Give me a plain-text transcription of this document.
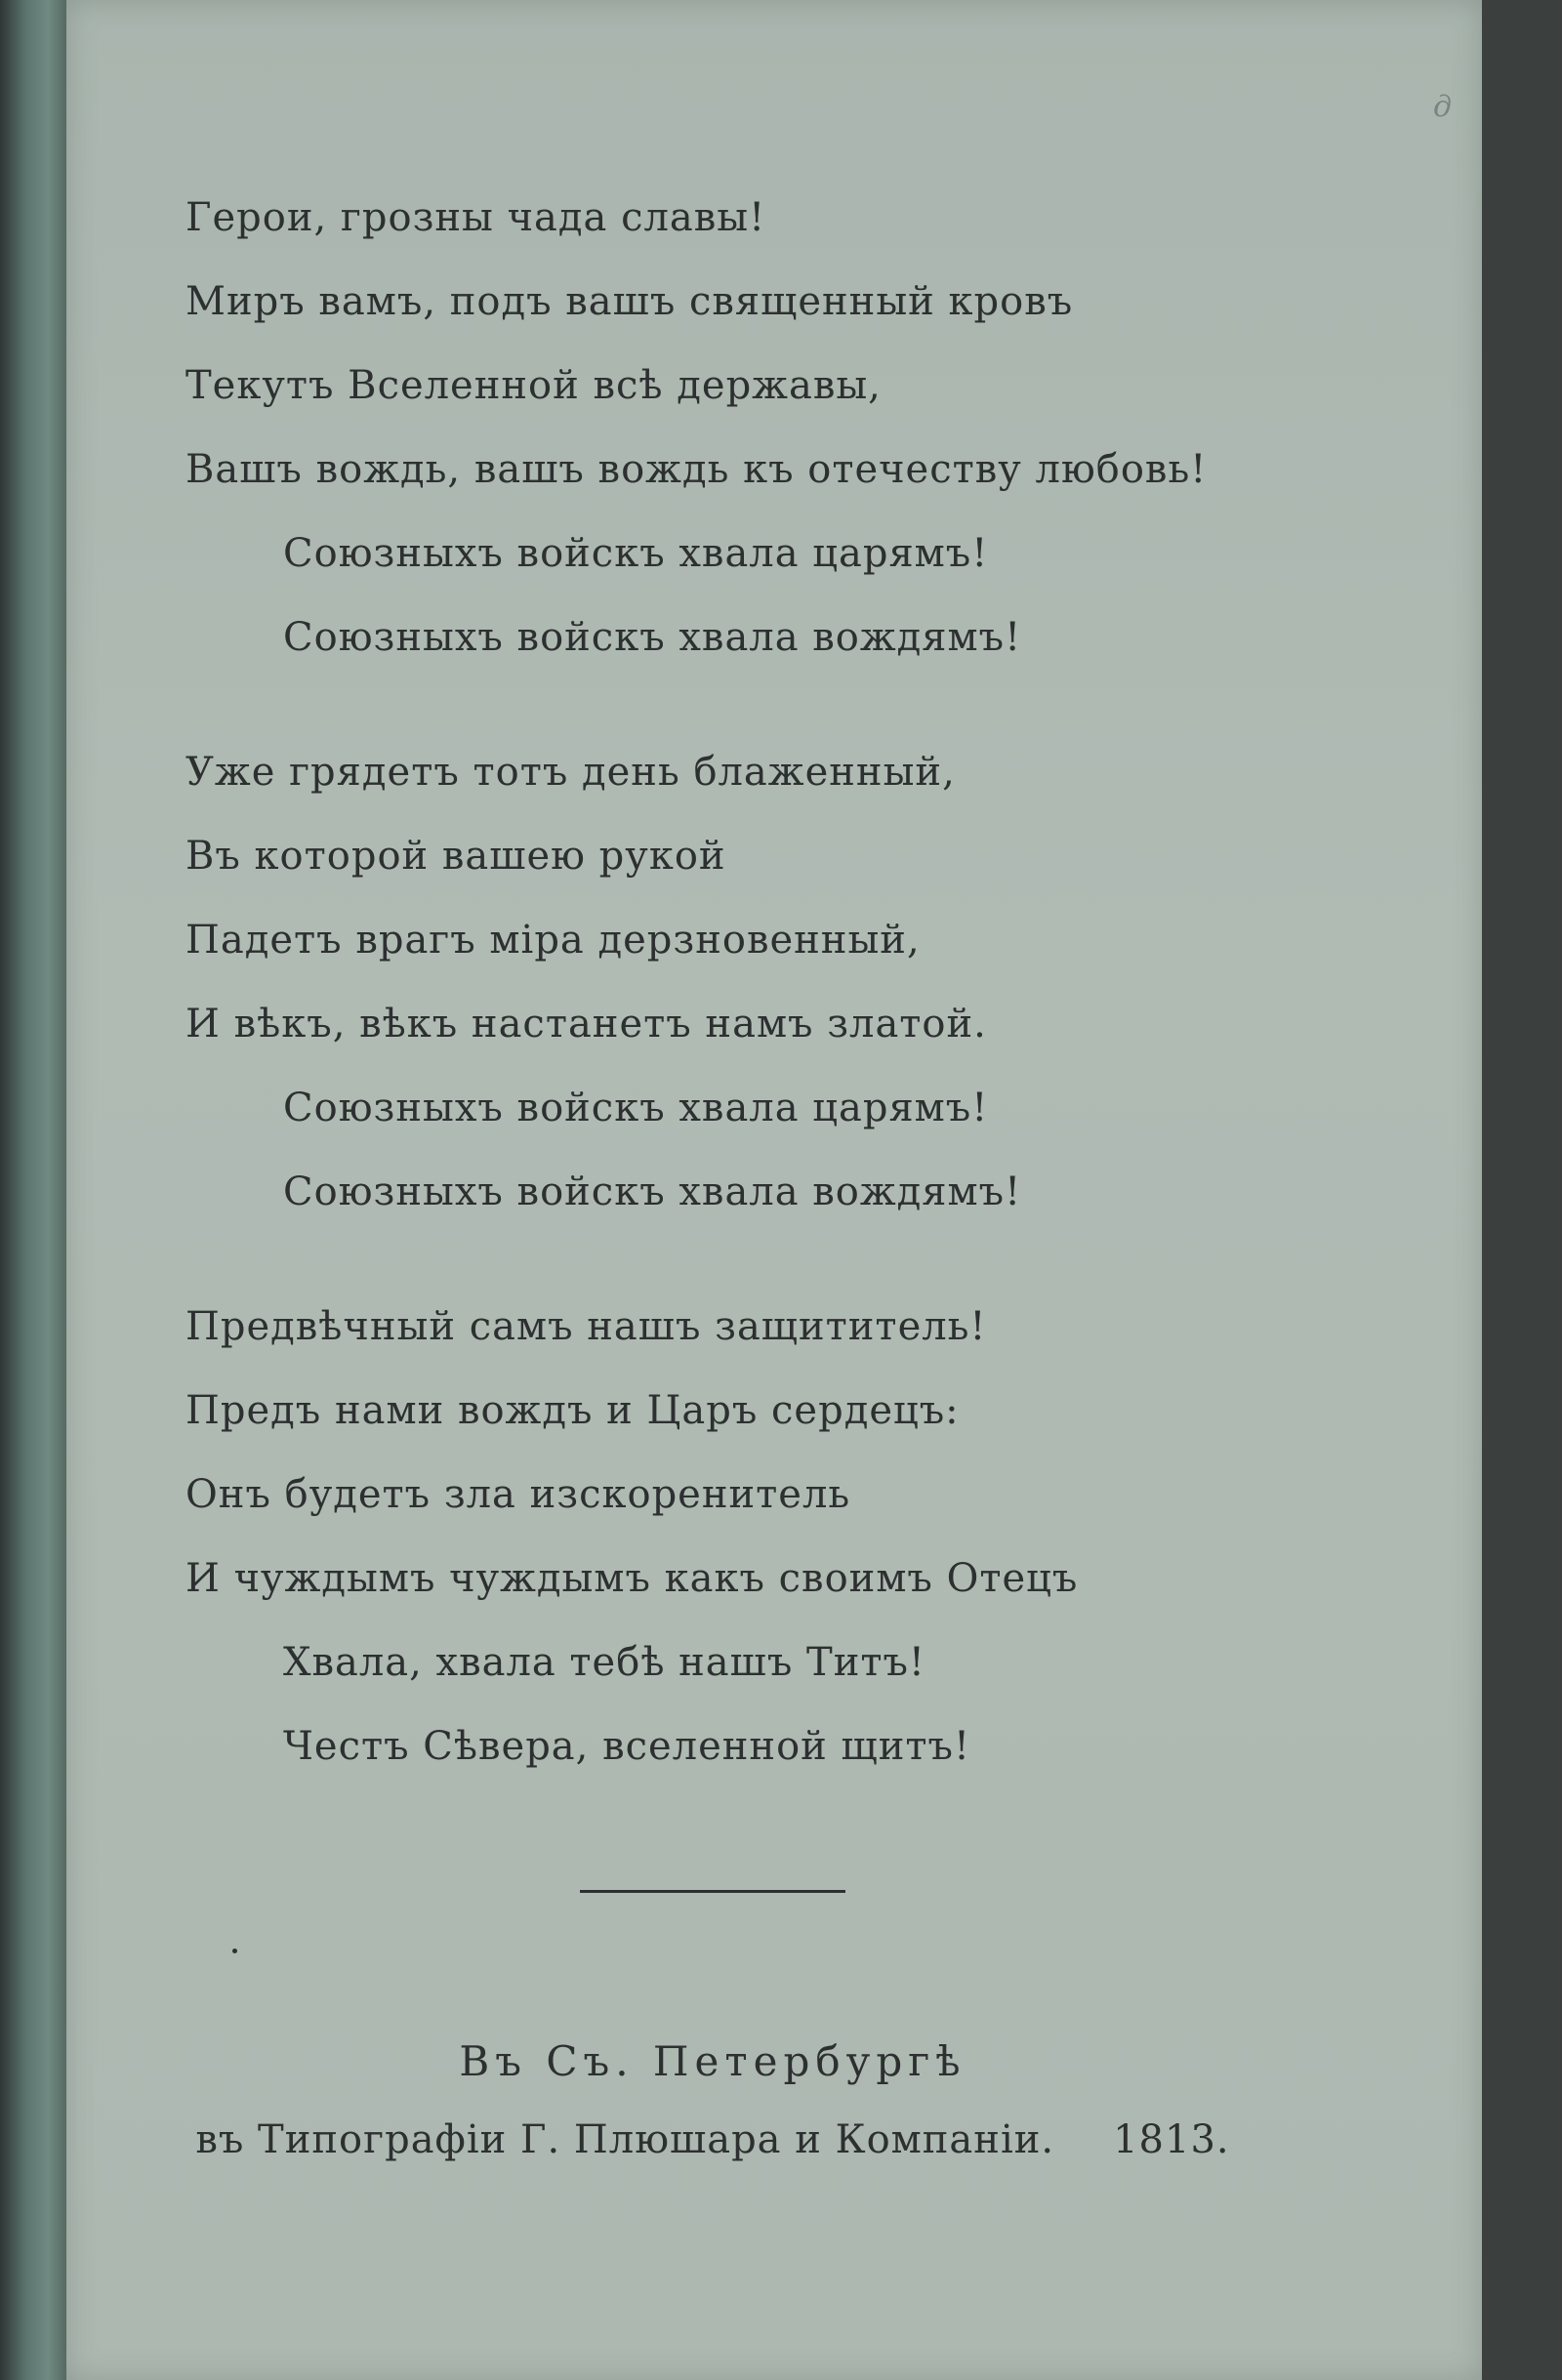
д
Герои, грозны чада славы!
Миръ вамъ, подъ вашъ священный кровъ
Текутъ Вселенной всѣ державы,
Вашъ вождь, вашъ вождь къ отечеству любовь!
Союзныхъ войскъ хвала царямъ!
Союзныхъ войскъ хвала вождямъ!
Уже грядетъ тотъ день блаженный,
Въ которой вашею рукой
Падетъ врагъ міра дерзновенный,
И вѣкъ, вѣкъ настанетъ намъ златой.
Союзныхъ войскъ хвала царямъ!
Союзныхъ войскъ хвала вождямъ!
Предвѣчный самъ нашъ защититель!
Предъ нами вождъ и Царъ сердецъ:
Онъ будетъ зла изскоренитель
И чуждымъ чуждымъ какъ своимъ Отецъ
Хвала, хвала тебѣ нашъ Титъ!
Честъ Сѣвера, вселенной щитъ!
Въ Съ. Петербургѣ
въ Типографіи Г. Плюшара и Компаніи. 1813.
